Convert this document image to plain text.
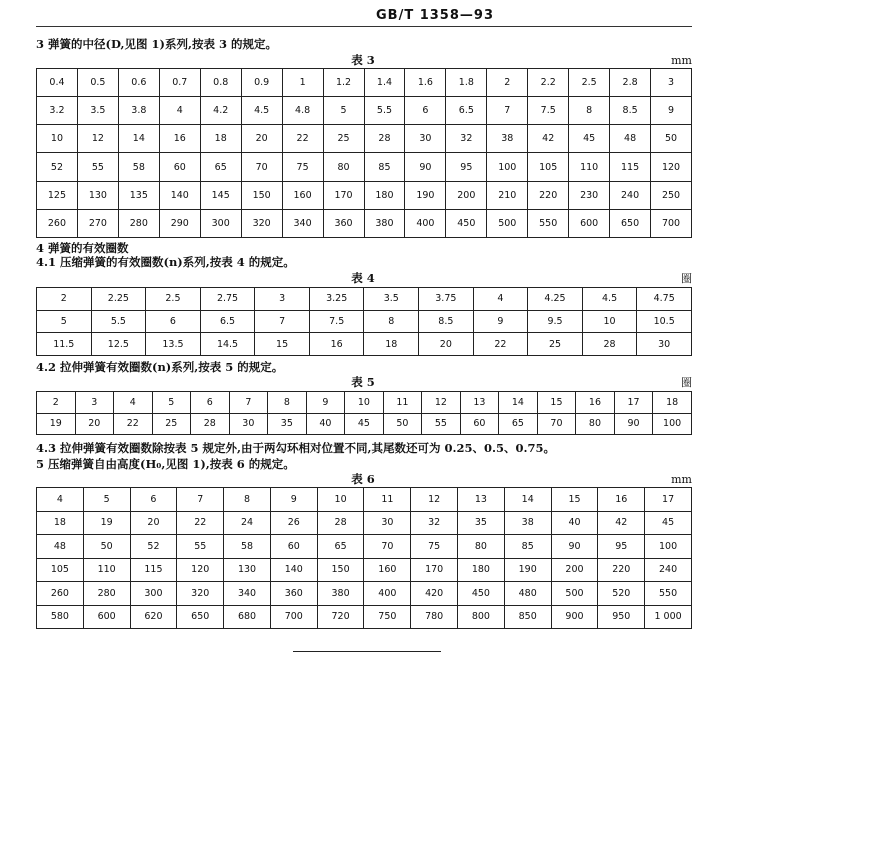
GB/T 1358—93
3 弹簧的中径(D,见图 1)系列,按表 3 的规定。
表 3	mm
0.4	0.5	0.6	0.7	0.8	0.9	1	1.2	1.4	1.6	1.8	2	2.2	2.5	2.8	3
3.2	3.5	3.8	4	4.2	4.5	4.8	5	5.5	6	6.5	7	7.5	8	8.5	9
10	12	14	16	18	20	22	25	28	30	32	38	42	45	48	50
52	55	58	60	65	70	75	80	85	90	95	100	105	110	115	120
125	130	135	140	145	150	160	170	180	190	200	210	220	230	240	250
260	270	280	290	300	320	340	360	380	400	450	500	550	600	650	700
4 弹簧的有效圈数
4.1 压缩弹簧的有效圈数(n)系列,按表 4 的规定。
表 4	圈
2	2.25	2.5	2.75	3	3.25	3.5	3.75	4	4.25	4.5	4.75
5	5.5	6	6.5	7	7.5	8	8.5	9	9.5	10	10.5
11.5	12.5	13.5	14.5	15	16	18	20	22	25	28	30
4.2 拉伸弹簧有效圈数(n)系列,按表 5 的规定。
表 5	圈
2	3	4	5	6	7	8	9	10	11	12	13	14	15	16	17	18
19	20	22	25	28	30	35	40	45	50	55	60	65	70	80	90	100
4.3 拉伸弹簧有效圈数除按表 5 规定外,由于两勾环相对位置不同,其尾数还可为 0.25、0.5、0.75。
5 压缩弹簧自由高度(H₀,见图 1),按表 6 的规定。
表 6	mm
4	5	6	7	8	9	10	11	12	13	14	15	16	17
18	19	20	22	24	26	28	30	32	35	38	40	42	45
48	50	52	55	58	60	65	70	75	80	85	90	95	100
105	110	115	120	130	140	150	160	170	180	190	200	220	240
260	280	300	320	340	360	380	400	420	450	480	500	520	550
580	600	620	650	680	700	720	750	780	800	850	900	950	1 000
